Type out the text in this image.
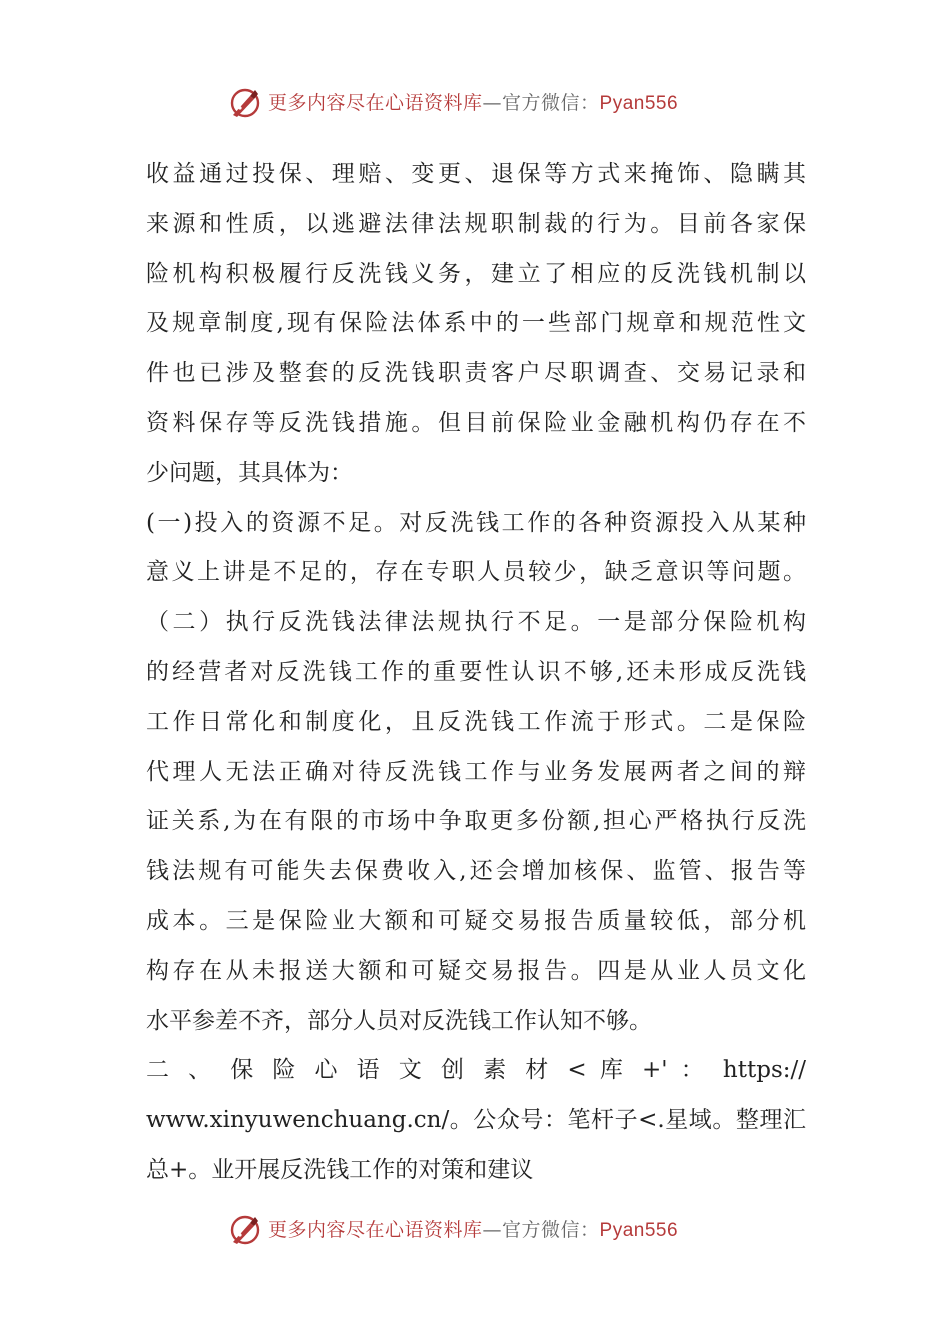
更多内容尽在心语资料库—官方微信：Pyan556
收益通过投保、理赔、变更、退保等方式来掩饰、隐瞒其
来源和性质，以逃避法律法规职制裁的行为。目前各家保
险机构积极履行反洗钱义务，建立了相应的反洗钱机制以
及规章制度,现有保险法体系中的一些部门规章和规范性文
件也已涉及整套的反洗钱职责客户尽职调查、交易记录和
资料保存等反洗钱措施。但目前保险业金融机构仍存在不
少问题，其具体为：
(一)投入的资源不足。对反洗钱工作的各种资源投入从某种
意义上讲是不足的，存在专职人员较少，缺乏意识等问题。
（二）执行反洗钱法律法规执行不足。一是部分保险机构
的经营者对反洗钱工作的重要性认识不够,还未形成反洗钱
工作日常化和制度化，且反洗钱工作流于形式。二是保险
代理人无法正确对待反洗钱工作与业务发展两者之间的辩
证关系,为在有限的市场中争取更多份额,担心严格执行反洗
钱法规有可能失去保费收入,还会增加核保、监管、报告等
成本。三是保险业大额和可疑交易报告质量较低，部分机
构存在从未报送大额和可疑交易报告。四是从业人员文化
水平参差不齐，部分人员对反洗钱工作认知不够。
二 、 保 险 心 语 文 创 素 材 < 库 +' ： https://
www.xinyuwenchuang.cn/。公众号：笔杆子<.星域。整理汇
总+。业开展反洗钱工作的对策和建议
更多内容尽在心语资料库—官方微信：Pyan556
